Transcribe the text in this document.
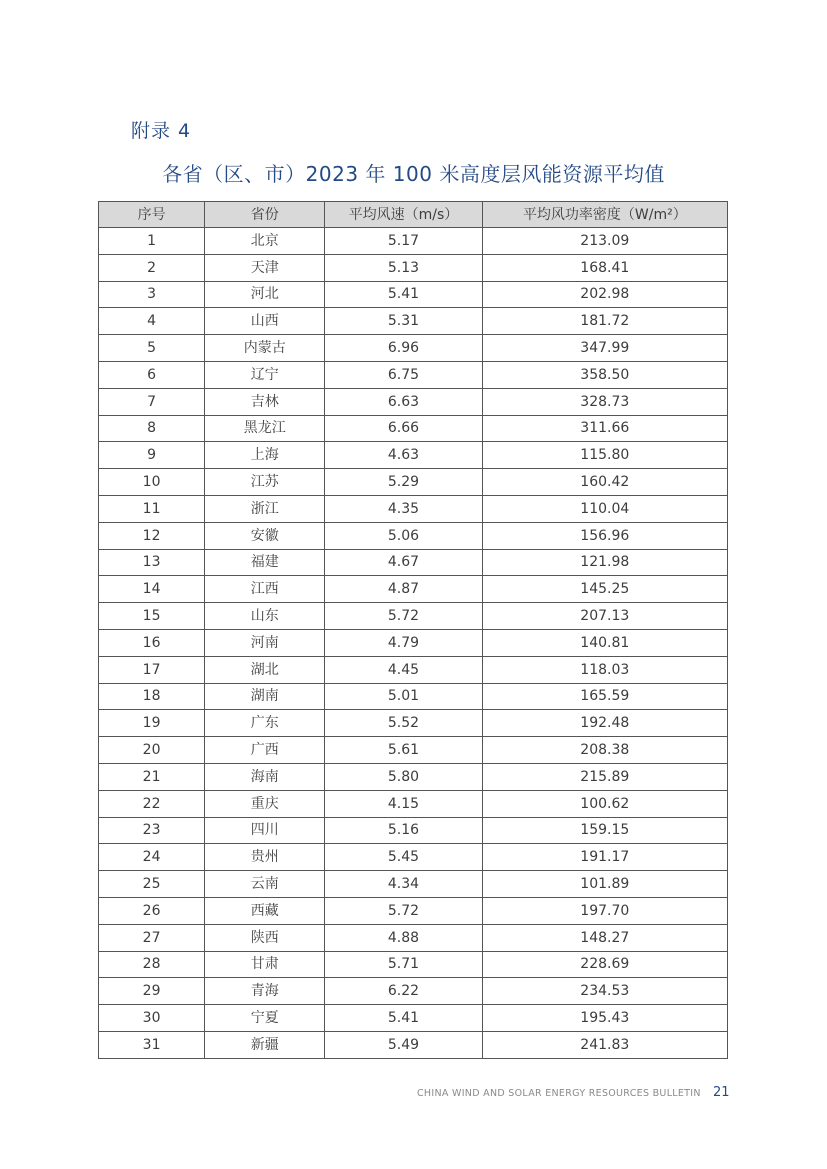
附录 4
各省（区、市）2023 年 100 米高度层风能资源平均值
序号	省份	平均风速（m/s）	平均风功率密度（W/m²）
1	北京	5.17	213.09
2	天津	5.13	168.41
3	河北	5.41	202.98
4	山西	5.31	181.72
5	内蒙古	6.96	347.99
6	辽宁	6.75	358.50
7	吉林	6.63	328.73
8	黑龙江	6.66	311.66
9	上海	4.63	115.80
10	江苏	5.29	160.42
11	浙江	4.35	110.04
12	安徽	5.06	156.96
13	福建	4.67	121.98
14	江西	4.87	145.25
15	山东	5.72	207.13
16	河南	4.79	140.81
17	湖北	4.45	118.03
18	湖南	5.01	165.59
19	广东	5.52	192.48
20	广西	5.61	208.38
21	海南	5.80	215.89
22	重庆	4.15	100.62
23	四川	5.16	159.15
24	贵州	5.45	191.17
25	云南	4.34	101.89
26	西藏	5.72	197.70
27	陕西	4.88	148.27
28	甘肃	5.71	228.69
29	青海	6.22	234.53
30	宁夏	5.41	195.43
31	新疆	5.49	241.83
CHINA WIND AND SOLAR ENERGY RESOURCES BULLETIN 21
